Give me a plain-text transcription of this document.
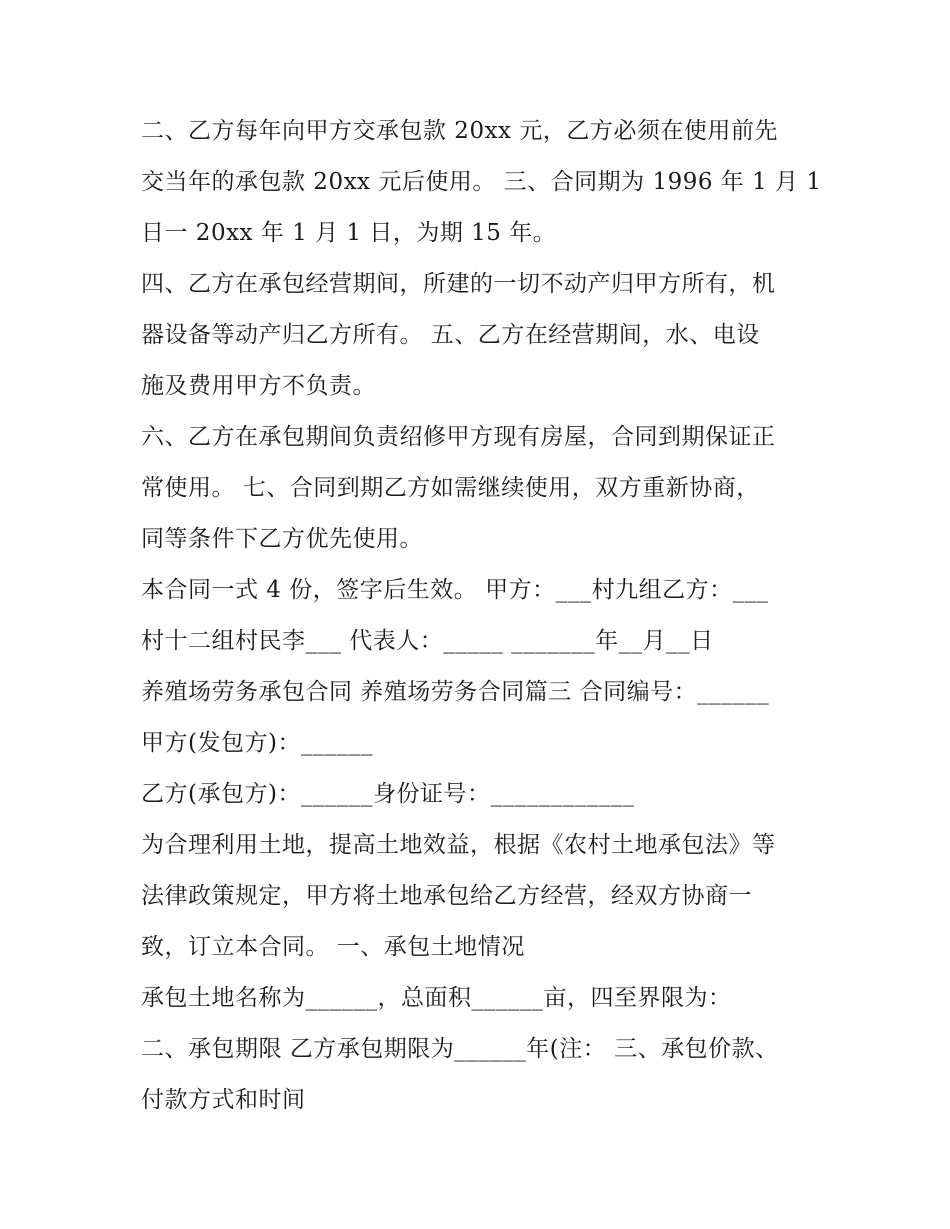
二、乙方每年向甲方交承包款 20xx 元，乙方必须在使用前先
交当年的承包款 20xx 元后使用。 三、合同期为 1996 年 1 月 1
日一 20xx 年 1 月 1 日，为期 15 年。
四、乙方在承包经营期间，所建的一切不动产归甲方所有，机
器设备等动产归乙方所有。 五、乙方在经营期间，水、电设
施及费用甲方不负责。
六、乙方在承包期间负责绍修甲方现有房屋，合同到期保证正
常使用。 七、合同到期乙方如需继续使用，双方重新协商，
同等条件下乙方优先使用。
本合同一式 4 份，签字后生效。 甲方：___村九组乙方：___
村十二组村民李___ 代表人：_____ _______年__月__日
养殖场劳务承包合同 养殖场劳务合同篇三 合同编号：______
甲方(发包方)：______
乙方(承包方)：______身份证号：____________
为合理利用土地，提高土地效益，根据《农村土地承包法》等
法律政策规定，甲方将土地承包给乙方经营，经双方协商一
致，订立本合同。 一、承包土地情况
承包土地名称为______，总面积______亩，四至界限为：
二、承包期限 乙方承包期限为______年(注： 三、承包价款、
付款方式和时间
